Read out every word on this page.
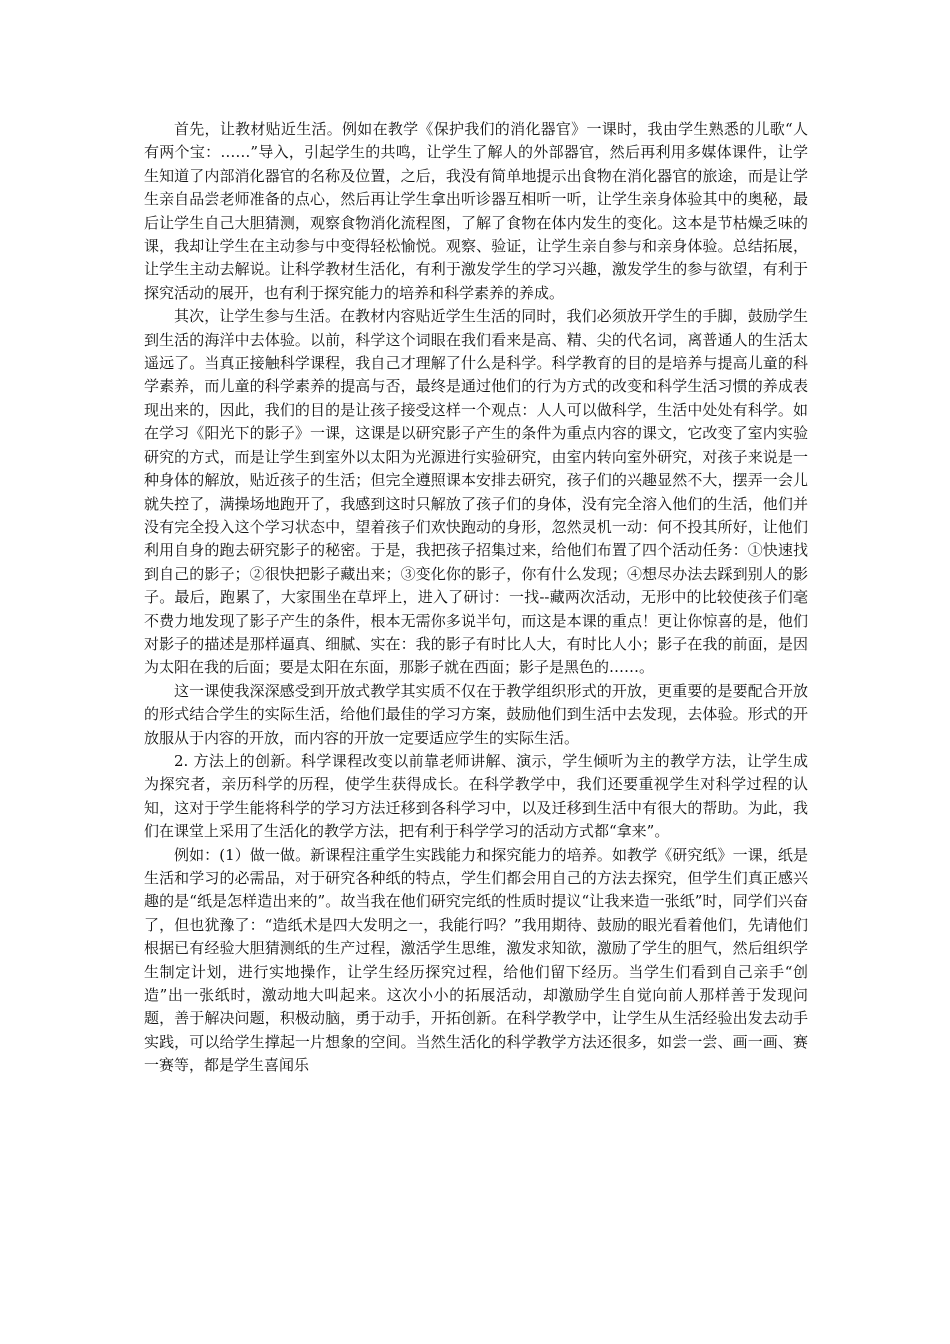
首先，让教材贴近生活。例如在教学《保护我们的消化器官》一课时，我由学生熟悉的儿歌“人有两个宝：……”导入，引起学生的共鸣，让学生了解人的外部器官，然后再利用多媒体课件，让学生知道了内部消化器官的名称及位置，之后，我没有简单地提示出食物在消化器官的旅途，而是让学生亲自品尝老师准备的点心，然后再让学生拿出听诊器互相听一听，让学生亲身体验其中的奥秘，最后让学生自己大胆猜测，观察食物消化流程图，了解了食物在体内发生的变化。这本是节枯燥乏味的课，我却让学生在主动参与中变得轻松愉悦。观察、验证，让学生亲自参与和亲身体验。总结拓展，让学生主动去解说。让科学教材生活化，有利于激发学生的学习兴趣，激发学生的参与欲望，有利于探究活动的展开，也有利于探究能力的培养和科学素养的养成。

其次，让学生参与生活。在教材内容贴近学生生活的同时，我们必须放开学生的手脚，鼓励学生到生活的海洋中去体验。以前，科学这个词眼在我们看来是高、精、尖的代名词，离普通人的生活太遥远了。当真正接触科学课程，我自己才理解了什么是科学。科学教育的目的是培养与提高儿童的科学素养，而儿童的科学素养的提高与否，最终是通过他们的行为方式的改变和科学生活习惯的养成表现出来的，因此，我们的目的是让孩子接受这样一个观点：人人可以做科学，生活中处处有科学。如在学习《阳光下的影子》一课，这课是以研究影子产生的条件为重点内容的课文，它改变了室内实验研究的方式，而是让学生到室外以太阳为光源进行实验研究，由室内转向室外研究，对孩子来说是一种身体的解放，贴近孩子的生活；但完全遵照课本安排去研究，孩子们的兴趣显然不大，摆弄一会儿就失控了，满操场地跑开了，我感到这时只解放了孩子们的身体，没有完全溶入他们的生活，他们并没有完全投入这个学习状态中，望着孩子们欢快跑动的身形，忽然灵机一动：何不投其所好，让他们利用自身的跑去研究影子的秘密。于是，我把孩子招集过来，给他们布置了四个活动任务：①快速找到自己的影子；②很快把影子藏出来；③变化你的影子，你有什么发现；④想尽办法去踩到别人的影子。最后，跑累了，大家围坐在草坪上，进入了研讨：一找--藏两次活动，无形中的比较使孩子们毫不费力地发现了影子产生的条件，根本无需你多说半句，而这是本课的重点！更让你惊喜的是，他们对影子的描述是那样逼真、细腻、实在：我的影子有时比人大，有时比人小；影子在我的前面，是因为太阳在我的后面；要是太阳在东面，那影子就在西面；影子是黑色的……。

这一课使我深深感受到开放式教学其实质不仅在于教学组织形式的开放，更重要的是要配合开放的形式结合学生的实际生活，给他们最佳的学习方案，鼓励他们到生活中去发现，去体验。形式的开放服从于内容的开放，而内容的开放一定要适应学生的实际生活。

2. 方法上的创新。科学课程改变以前靠老师讲解、演示，学生倾听为主的教学方法，让学生成为探究者，亲历科学的历程，使学生获得成长。在科学教学中，我们还要重视学生对科学过程的认知，这对于学生能将科学的学习方法迁移到各科学习中，以及迁移到生活中有很大的帮助。为此，我们在课堂上采用了生活化的教学方法，把有利于科学学习的活动方式都“拿来”。

例如：(1）做一做。新课程注重学生实践能力和探究能力的培养。如教学《研究纸》一课，纸是生活和学习的必需品，对于研究各种纸的特点，学生们都会用自己的方法去探究，但学生们真正感兴趣的是“纸是怎样造出来的”。故当我在他们研究完纸的性质时提议“让我来造一张纸”时，同学们兴奋了，但也犹豫了：“造纸术是四大发明之一，我能行吗？”我用期待、鼓励的眼光看着他们，先请他们根据已有经验大胆猜测纸的生产过程，激活学生思维，激发求知欲，激励了学生的胆气，然后组织学生制定计划，进行实地操作，让学生经历探究过程，给他们留下经历。当学生们看到自己亲手“创造”出一张纸时，激动地大叫起来。这次小小的拓展活动，却激励学生自觉向前人那样善于发现问题，善于解决问题，积极动脑，勇于动手，开拓创新。在科学教学中，让学生从生活经验出发去动手实践，可以给学生撑起一片想象的空间。当然生活化的科学教学方法还很多，如尝一尝、画一画、赛一赛等，都是学生喜闻乐
